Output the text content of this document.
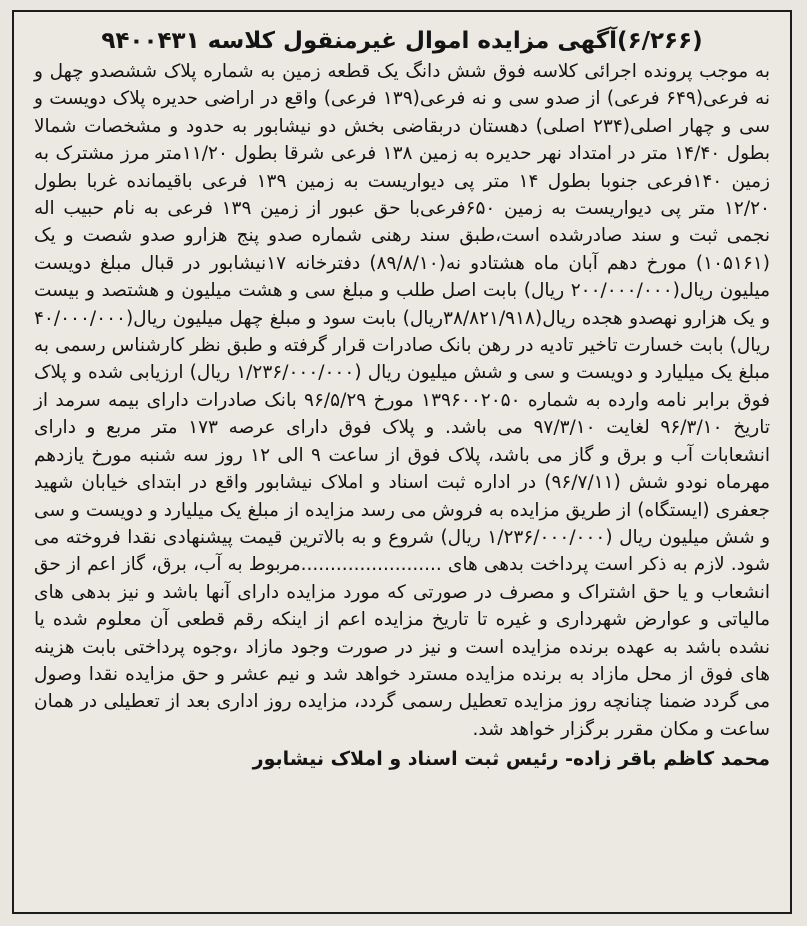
(۶/۲۶۶)آگهی مزایده اموال غیرمنقول کلاسه ۹۴۰۰۴۳۱

به موجب پرونده اجرائی کلاسه فوق شش دانگ یک قطعه زمین به شماره پلاک ششصدو چهل و نه فرعی(۶۴۹ فرعی) از صدو سی و نه فرعی(۱۳۹ فرعی) واقع در اراضی حدیره پلاک دویست و سی و چهار اصلی(۲۳۴ اصلی) دهستان دربقاضی بخش دو نیشابور به حدود و مشخصات شمالا بطول ۱۴/۴۰ متر در امتداد نهر حدیره به زمین ۱۳۸ فرعی شرقا بطول ۱۱/۲۰متر مرز مشترک به زمین ۱۴۰فرعی جنوبا بطول ۱۴ متر پی دیواریست به زمین ۱۳۹ فرعی باقیمانده غربا بطول ۱۲/۲۰ متر پی دیواریست به زمین ۶۵۰فرعی‌با حق عبور از زمین ۱۳۹ فرعی به نام حبیب اله نجمی ثبت و سند صادرشده است،طبق سند رهنی شماره صدو پنج هزارو صدو شصت و یک (۱۰۵۱۶۱) مورخ دهم آبان ماه هشتادو نه(۸۹/۸/۱۰) دفترخانه ۱۷نیشابور در قبال مبلغ دویست میلیون ریال(۲۰۰/۰۰۰/۰۰۰ ریال) بابت اصل طلب و مبلغ سی و هشت میلیون و هشتصد و بیست و یک هزارو نهصدو هجده ریال(۳۸/۸۲۱/۹۱۸ریال) بابت سود و مبلغ چهل میلیون ریال(۴۰/۰۰۰/۰۰۰ ریال) بابت خسارت تاخیر تادیه در رهن بانک صادرات قرار گرفته و طبق نظر کارشناس رسمی به مبلغ یک میلیارد و دویست و سی و شش میلیون ریال (۱/۲۳۶/۰۰۰/۰۰۰ ریال) ارزیابی شده و پلاک فوق برابر نامه وارده به شماره ۱۳۹۶۰۰۲۰۵۰ مورخ ۹۶/۵/۲۹ بانک صادرات دارای بیمه سرمد از تاریخ ۹۶/۳/۱۰ لغایت ۹۷/۳/۱۰ می باشد. و پلاک فوق دارای عرصه ۱۷۳ متر مربع و دارای انشعابات آب و برق و گاز می باشد، پلاک فوق از ساعت ۹ الی ۱۲ روز سه شنبه مورخ یازدهم مهرماه نودو شش (۹۶/۷/۱۱) در اداره ثبت اسناد و املاک نیشابور واقع در ابتدای خیابان شهید جعفری (ایستگاه) از طریق مزایده به فروش می رسد مزایده از مبلغ یک میلیارد و دویست و سی و شش میلیون ریال (۱/۲۳۶/۰۰۰/۰۰۰ ریال) شروع و به بالاترین قیمت پیشنهادی نقدا فروخته می شود. لازم به ذکر است پرداخت بدهی های ........................مربوط به آب، برق، گاز اعم از حق انشعاب و یا حق اشتراک و مصرف در صورتی که مورد مزایده دارای آنها باشد و نیز بدهی های مالیاتی و عوارض شهرداری و غیره تا تاریخ مزایده اعم از اینکه رقم قطعی آن معلوم شده یا نشده باشد به عهده برنده مزایده است و نیز در صورت وجود مازاد ،وجوه پرداختی بابت هزینه های فوق از محل مازاد به برنده مزایده مسترد خواهد شد و نیم عشر و حق مزایده نقدا وصول می گردد ضمنا چنانچه روز مزایده تعطیل رسمی گردد، مزایده روز اداری بعد از تعطیلی در همان ساعت و مکان مقرر برگزار خواهد شد.

محمد کاظم باقر زاده- رئیس ثبت اسناد و املاک نیشابور
